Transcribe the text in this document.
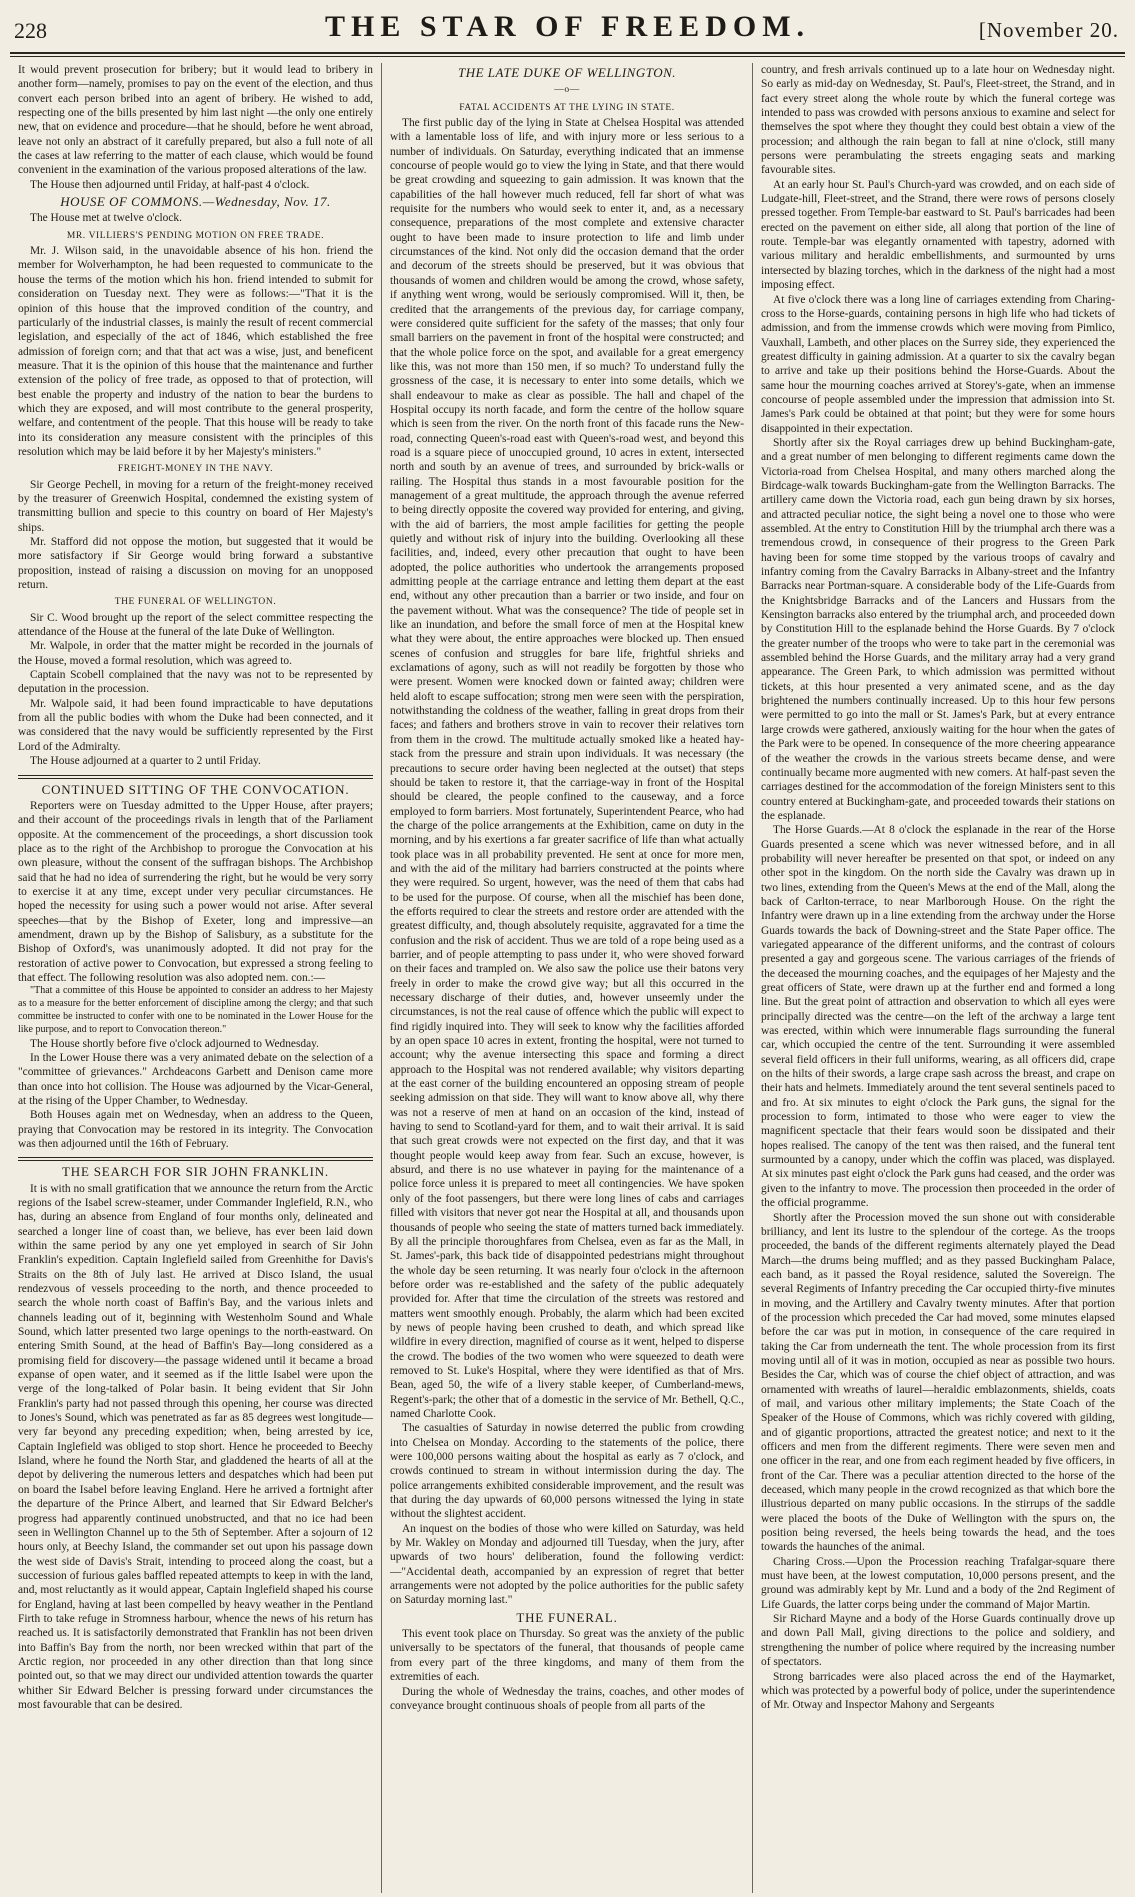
228	THE STAR OF FREEDOM.	[November 20.

It would prevent prosecution for bribery; but it would lead to bribery in another form—namely, promises to pay on the event of the election, and thus convert each person bribed into an agent of bribery. He wished to add, respecting one of the bills presented by him last night —the only one entirely new, that on evidence and procedure—that he should, before he went abroad, leave not only an abstract of it carefully prepared, but also a full note of all the cases at law referring to the matter of each clause, which would be found convenient in the examination of the various proposed alterations of the law.

The House then adjourned until Friday, at half-past 4 o'clock.

HOUSE OF COMMONS.—Wednesday, Nov. 17.

The House met at twelve o'clock.

MR. VILLIERS'S PENDING MOTION ON FREE TRADE.

Mr. J. Wilson said, in the unavoidable absence of his hon. friend the member for Wolverhampton, he had been requested to communicate to the house the terms of the motion which his hon. friend intended to submit for consideration on Tuesday next. They were as follows:—"That it is the opinion of this house that the improved condition of the country, and particularly of the industrial classes, is mainly the result of recent commercial legislation, and especially of the act of 1846, which established the free admission of foreign corn; and that that act was a wise, just, and beneficent measure. That it is the opinion of this house that the maintenance and further extension of the policy of free trade, as opposed to that of protection, will best enable the property and industry of the nation to bear the burdens to which they are exposed, and will most contribute to the general prosperity, welfare, and contentment of the people. That this house will be ready to take into its consideration any measure consistent with the principles of this resolution which may be laid before it by her Majesty's ministers."

FREIGHT-MONEY IN THE NAVY.

Sir George Pechell, in moving for a return of the freight-money received by the treasurer of Greenwich Hospital, condemned the existing system of transmitting bullion and specie to this country on board of Her Majesty's ships.

Mr. Stafford did not oppose the motion, but suggested that it would be more satisfactory if Sir George would bring forward a substantive proposition, instead of raising a discussion on moving for an unopposed return.

THE FUNERAL OF WELLINGTON.

Sir C. Wood brought up the report of the select committee respecting the attendance of the House at the funeral of the late Duke of Wellington.

Mr. Walpole, in order that the matter might be recorded in the journals of the House, moved a formal resolution, which was agreed to.

Captain Scobell complained that the navy was not to be represented by deputation in the procession.

Mr. Walpole said, it had been found impracticable to have deputations from all the public bodies with whom the Duke had been connected, and it was considered that the navy would be sufficiently represented by the First Lord of the Admiralty.

The House adjourned at a quarter to 2 until Friday.

CONTINUED SITTING OF THE CONVOCATION.

Reporters were on Tuesday admitted to the Upper House, after prayers; and their account of the proceedings rivals in length that of the Parliament opposite. At the commencement of the proceedings, a short discussion took place as to the right of the Archbishop to prorogue the Convocation at his own pleasure, without the consent of the suffragan bishops. The Archbishop said that he had no idea of surrendering the right, but he would be very sorry to exercise it at any time, except under very peculiar circumstances. He hoped the necessity for using such a power would not arise. After several speeches—that by the Bishop of Exeter, long and impressive—an amendment, drawn up by the Bishop of Salisbury, as a substitute for the Bishop of Oxford's, was unanimously adopted. It did not pray for the restoration of active power to Convocation, but expressed a strong feeling to that effect. The following resolution was also adopted nem. con.:—

"That a committee of this House be appointed to consider an address to her Majesty as to a measure for the better enforcement of discipline among the clergy; and that such committee be instructed to confer with one to be nominated in the Lower House for the like purpose, and to report to Convocation thereon."

The House shortly before five o'clock adjourned to Wednesday.

In the Lower House there was a very animated debate on the selection of a "committee of grievances." Archdeacons Garbett and Denison came more than once into hot collision. The House was adjourned by the Vicar-General, at the rising of the Upper Chamber, to Wednesday.

Both Houses again met on Wednesday, when an address to the Queen, praying that Convocation may be restored in its integrity. The Convocation was then adjourned until the 16th of February.

THE SEARCH FOR SIR JOHN FRANKLIN.

It is with no small gratification that we announce the return from the Arctic regions of the Isabel screw-steamer, under Commander Inglefield, R.N., who has, during an absence from England of four months only, delineated and searched a longer line of coast than, we believe, has ever been laid down within the same period by any one yet employed in search of Sir John Franklin's expedition. Captain Inglefield sailed from Greenhithe for Davis's Straits on the 8th of July last. He arrived at Disco Island, the usual rendezvous of vessels proceeding to the north, and thence proceeded to search the whole north coast of Baffin's Bay, and the various inlets and channels leading out of it, beginning with Westenholm Sound and Whale Sound, which latter presented two large openings to the north-eastward. On entering Smith Sound, at the head of Baffin's Bay—long considered as a promising field for discovery—the passage widened until it became a broad expanse of open water, and it seemed as if the little Isabel were upon the verge of the long-talked of Polar basin. It being evident that Sir John Franklin's party had not passed through this opening, her course was directed to Jones's Sound, which was penetrated as far as 85 degrees west longitude—very far beyond any preceding expedition; when, being arrested by ice, Captain Inglefield was obliged to stop short. Hence he proceeded to Beechy Island, where he found the North Star, and gladdened the hearts of all at the depot by delivering the numerous letters and despatches which had been put on board the Isabel before leaving England. Here he arrived a fortnight after the departure of the Prince Albert, and learned that Sir Edward Belcher's progress had apparently continued unobstructed, and that no ice had been seen in Wellington Channel up to the 5th of September. After a sojourn of 12 hours only, at Beechy Island, the commander set out upon his passage down the west side of Davis's Strait, intending to proceed along the coast, but a succession of furious gales baffled repeated attempts to keep in with the land, and, most reluctantly as it would appear, Captain Inglefield shaped his course for England, having at last been compelled by heavy weather in the Pentland Firth to take refuge in Stromness harbour, whence the news of his return has reached us. It is satisfactorily demonstrated that Franklin has not been driven into Baffin's Bay from the north, nor been wrecked within that part of the Arctic region, nor proceeded in any other direction than that long since pointed out, so that we may direct our undivided attention towards the quarter whither Sir Edward Belcher is pressing forward under circumstances the most favourable that can be desired.

THE LATE DUKE OF WELLINGTON.
—o—
FATAL ACCIDENTS AT THE LYING IN STATE.

The first public day of the lying in State at Chelsea Hospital was attended with a lamentable loss of life, and with injury more or less serious to a number of individuals. On Saturday, everything indicated that an immense concourse of people would go to view the lying in State, and that there would be great crowding and squeezing to gain admission. It was known that the capabilities of the hall however much reduced, fell far short of what was requisite for the numbers who would seek to enter it, and, as a necessary consequence, preparations of the most complete and extensive character ought to have been made to insure protection to life and limb under circumstances of the kind. Not only did the occasion demand that the order and decorum of the streets should be preserved, but it was obvious that thousands of women and children would be among the crowd, whose safety, if anything went wrong, would be seriously compromised. Will it, then, be credited that the arrangements of the previous day, for carriage company, were considered quite sufficient for the safety of the masses; that only four small barriers on the pavement in front of the hospital were constructed; and that the whole police force on the spot, and available for a great emergency like this, was not more than 150 men, if so much? To understand fully the grossness of the case, it is necessary to enter into some details, which we shall endeavour to make as clear as possible. The hall and chapel of the Hospital occupy its north facade, and form the centre of the hollow square which is seen from the river. On the north front of this facade runs the New-road, connecting Queen's-road east with Queen's-road west, and beyond this road is a square piece of unoccupied ground, 10 acres in extent, intersected north and south by an avenue of trees, and surrounded by brick-walls or railing. The Hospital thus stands in a most favourable position for the management of a great multitude, the approach through the avenue referred to being directly opposite the covered way provided for entering, and giving, with the aid of barriers, the most ample facilities for getting the people quietly and without risk of injury into the building. Overlooking all these facilities, and, indeed, every other precaution that ought to have been adopted, the police authorities who undertook the arrangements proposed admitting people at the carriage entrance and letting them depart at the east end, without any other precaution than a barrier or two inside, and four on the pavement without. What was the consequence? The tide of people set in like an inundation, and before the small force of men at the Hospital knew what they were about, the entire approaches were blocked up. Then ensued scenes of confusion and struggles for bare life, frightful shrieks and exclamations of agony, such as will not readily be forgotten by those who were present. Women were knocked down or fainted away; children were held aloft to escape suffocation; strong men were seen with the perspiration, notwithstanding the coldness of the weather, falling in great drops from their faces; and fathers and brothers strove in vain to recover their relatives torn from them in the crowd. The multitude actually smoked like a heated hay-stack from the pressure and strain upon individuals. It was necessary (the precautions to secure order having been neglected at the outset) that steps should be taken to restore it, that the carriage-way in front of the Hospital should be cleared, the people confined to the causeway, and a force employed to form barriers. Most fortunately, Superintendent Pearce, who had the charge of the police arrangements at the Exhibition, came on duty in the morning, and by his exertions a far greater sacrifice of life than what actually took place was in all probability prevented. He sent at once for more men, and with the aid of the military had barriers constructed at the points where they were required. So urgent, however, was the need of them that cabs had to be used for the purpose. Of course, when all the mischief has been done, the efforts required to clear the streets and restore order are attended with the greatest difficulty, and, though absolutely requisite, aggravated for a time the confusion and the risk of accident. Thus we are told of a rope being used as a barrier, and of people attempting to pass under it, who were shoved forward on their faces and trampled on. We also saw the police use their batons very freely in order to make the crowd give way; but all this occurred in the necessary discharge of their duties, and, however unseemly under the circumstances, is not the real cause of offence which the public will expect to find rigidly inquired into. They will seek to know why the facilities afforded by an open space 10 acres in extent, fronting the hospital, were not turned to account; why the avenue intersecting this space and forming a direct approach to the Hospital was not rendered available; why visitors departing at the east corner of the building encountered an opposing stream of people seeking admission on that side. They will want to know above all, why there was not a reserve of men at hand on an occasion of the kind, instead of having to send to Scotland-yard for them, and to wait their arrival. It is said that such great crowds were not expected on the first day, and that it was thought people would keep away from fear. Such an excuse, however, is absurd, and there is no use whatever in paying for the maintenance of a police force unless it is prepared to meet all contingencies. We have spoken only of the foot passengers, but there were long lines of cabs and carriages filled with visitors that never got near the Hospital at all, and thousands upon thousands of people who seeing the state of matters turned back immediately. By all the principle thoroughfares from Chelsea, even as far as the Mall, in St. James'-park, this back tide of disappointed pedestrians might throughout the whole day be seen returning. It was nearly four o'clock in the afternoon before order was re-established and the safety of the public adequately provided for. After that time the circulation of the streets was restored and matters went smoothly enough. Probably, the alarm which had been excited by news of people having been crushed to death, and which spread like wildfire in every direction, magnified of course as it went, helped to disperse the crowd. The bodies of the two women who were squeezed to death were removed to St. Luke's Hospital, where they were identified as that of Mrs. Bean, aged 50, the wife of a livery stable keeper, of Cumberland-mews, Regent's-park; the other that of a domestic in the service of Mr. Bethell, Q.C., named Charlotte Cook.

The casualties of Saturday in nowise deterred the public from crowding into Chelsea on Monday. According to the statements of the police, there were 100,000 persons waiting about the hospital as early as 7 o'clock, and crowds continued to stream in without intermission during the day. The police arrangements exhibited considerable improvement, and the result was that during the day upwards of 60,000 persons witnessed the lying in state without the slightest accident.

An inquest on the bodies of those who were killed on Saturday, was held by Mr. Wakley on Monday and adjourned till Tuesday, when the jury, after upwards of two hours' deliberation, found the following verdict:—"Accidental death, accompanied by an expression of regret that better arrangements were not adopted by the police authorities for the public safety on Saturday morning last."

THE FUNERAL.

This event took place on Thursday. So great was the anxiety of the public universally to be spectators of the funeral, that thousands of people came from every part of the three kingdoms, and many of them from the extremities of each.

During the whole of Wednesday the trains, coaches, and other modes of conveyance brought continuous shoals of people from all parts of the

country, and fresh arrivals continued up to a late hour on Wednesday night. So early as mid-day on Wednesday, St. Paul's, Fleet-street, the Strand, and in fact every street along the whole route by which the funeral cortege was intended to pass was crowded with persons anxious to examine and select for themselves the spot where they thought they could best obtain a view of the procession; and although the rain began to fall at nine o'clock, still many persons were perambulating the streets engaging seats and marking favourable sites.

At an early hour St. Paul's Church-yard was crowded, and on each side of Ludgate-hill, Fleet-street, and the Strand, there were rows of persons closely pressed together. From Temple-bar eastward to St. Paul's barricades had been erected on the pavement on either side, all along that portion of the line of route. Temple-bar was elegantly ornamented with tapestry, adorned with various military and heraldic embellishments, and surmounted by urns intersected by blazing torches, which in the darkness of the night had a most imposing effect.

At five o'clock there was a long line of carriages extending from Charing-cross to the Horse-guards, containing persons in high life who had tickets of admission, and from the immense crowds which were moving from Pimlico, Vauxhall, Lambeth, and other places on the Surrey side, they experienced the greatest difficulty in gaining admission. At a quarter to six the cavalry began to arrive and take up their positions behind the Horse-Guards. About the same hour the mourning coaches arrived at Storey's-gate, when an immense concourse of people assembled under the impression that admission into St. James's Park could be obtained at that point; but they were for some hours disappointed in their expectation.

Shortly after six the Royal carriages drew up behind Buckingham-gate, and a great number of men belonging to different regiments came down the Victoria-road from Chelsea Hospital, and many others marched along the Birdcage-walk towards Buckingham-gate from the Wellington Barracks. The artillery came down the Victoria road, each gun being drawn by six horses, and attracted peculiar notice, the sight being a novel one to those who were assembled. At the entry to Constitution Hill by the triumphal arch there was a tremendous crowd, in consequence of their progress to the Green Park having been for some time stopped by the various troops of cavalry and infantry coming from the Cavalry Barracks in Albany-street and the Infantry Barracks near Portman-square. A considerable body of the Life-Guards from the Knightsbridge Barracks and of the Lancers and Hussars from the Kensington barracks also entered by the triumphal arch, and proceeded down by Constitution Hill to the esplanade behind the Horse Guards. By 7 o'clock the greater number of the troops who were to take part in the ceremonial was assembled behind the Horse Guards, and the military array had a very grand appearance. The Green Park, to which admission was permitted without tickets, at this hour presented a very animated scene, and as the day brightened the numbers continually increased. Up to this hour few persons were permitted to go into the mall or St. James's Park, but at every entrance large crowds were gathered, anxiously waiting for the hour when the gates of the Park were to be opened. In consequence of the more cheering appearance of the weather the crowds in the various streets became dense, and were continually became more augmented with new comers. At half-past seven the carriages destined for the accommodation of the foreign Ministers sent to this country entered at Buckingham-gate, and proceeded towards their stations on the esplanade.

The Horse Guards.—At 8 o'clock the esplanade in the rear of the Horse Guards presented a scene which was never witnessed before, and in all probability will never hereafter be presented on that spot, or indeed on any other spot in the kingdom. On the north side the Cavalry was drawn up in two lines, extending from the Queen's Mews at the end of the Mall, along the back of Carlton-terrace, to near Marlborough House. On the right the Infantry were drawn up in a line extending from the archway under the Horse Guards towards the back of Downing-street and the State Paper office. The variegated appearance of the different uniforms, and the contrast of colours presented a gay and gorgeous scene. The various carriages of the friends of the deceased the mourning coaches, and the equipages of her Majesty and the great officers of State, were drawn up at the further end and formed a long line. But the great point of attraction and observation to which all eyes were principally directed was the centre—on the left of the archway a large tent was erected, within which were innumerable flags surrounding the funeral car, which occupied the centre of the tent. Surrounding it were assembled several field officers in their full uniforms, wearing, as all officers did, crape on the hilts of their swords, a large crape sash across the breast, and crape on their hats and helmets. Immediately around the tent several sentinels paced to and fro. At six minutes to eight o'clock the Park guns, the signal for the procession to form, intimated to those who were eager to view the magnificent spectacle that their fears would soon be dissipated and their hopes realised. The canopy of the tent was then raised, and the funeral tent surmounted by a canopy, under which the coffin was placed, was displayed. At six minutes past eight o'clock the Park guns had ceased, and the order was given to the infantry to move. The procession then proceeded in the order of the official programme.

Shortly after the Procession moved the sun shone out with considerable brilliancy, and lent its lustre to the splendour of the cortege. As the troops proceeded, the bands of the different regiments alternately played the Dead March—the drums being muffled; and as they passed Buckingham Palace, each band, as it passed the Royal residence, saluted the Sovereign. The several Regiments of Infantry preceding the Car occupied thirty-five minutes in moving, and the Artillery and Cavalry twenty minutes. After that portion of the procession which preceded the Car had moved, some minutes elapsed before the car was put in motion, in consequence of the care required in taking the Car from underneath the tent. The whole procession from its first moving until all of it was in motion, occupied as near as possible two hours. Besides the Car, which was of course the chief object of attraction, and was ornamented with wreaths of laurel—heraldic emblazonments, shields, coats of mail, and various other military implements; the State Coach of the Speaker of the House of Commons, which was richly covered with gilding, and of gigantic proportions, attracted the greatest notice; and next to it the officers and men from the different regiments. There were seven men and one officer in the rear, and one from each regiment headed by five officers, in front of the Car. There was a peculiar attention directed to the horse of the deceased, which many people in the crowd recognized as that which bore the illustrious departed on many public occasions. In the stirrups of the saddle were placed the boots of the Duke of Wellington with the spurs on, the position being reversed, the heels being towards the head, and the toes towards the haunches of the animal.

Charing Cross.—Upon the Procession reaching Trafalgar-square there must have been, at the lowest computation, 10,000 persons present, and the ground was admirably kept by Mr. Lund and a body of the 2nd Regiment of Life Guards, the latter corps being under the command of Major Martin.

Sir Richard Mayne and a body of the Horse Guards continually drove up and down Pall Mall, giving directions to the police and soldiery, and strengthening the number of police where required by the increasing number of spectators.

Strong barricades were also placed across the end of the Haymarket, which was protected by a powerful body of police, under the superintendence of Mr. Otway and Inspector Mahony and Sergeants
